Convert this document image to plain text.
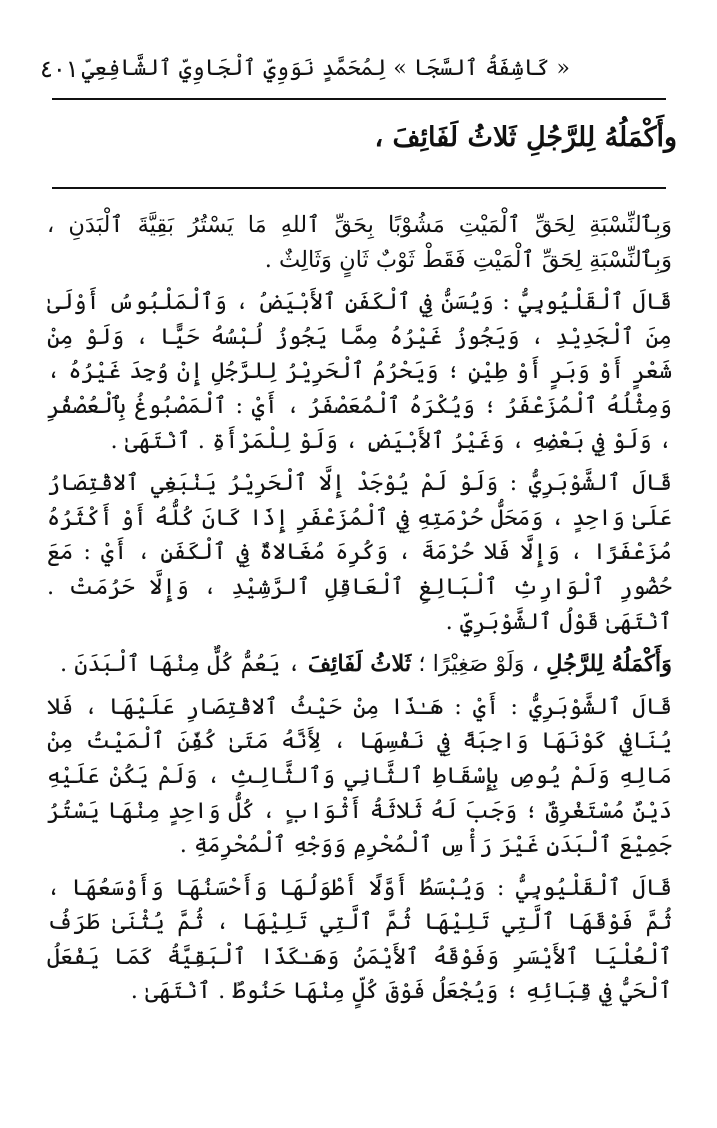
« كَاشِفَةُ ٱلسَّجَا » لِمُحَمَّدٍ نَوَوِيِّ ٱلْجَاوِيِّ ٱلشَّافِعِيِّ
٤٠١
وأَكْمَلُهُ لِلرَّجُلِ ثَلاثُ لَفَائِفَ ،

وَبِٱلنِّسْبَةِ لِحَقِّ ٱلْمَيْتِ مَشُوْبًا بِحَقِّ ٱللهِ مَا يَسْتُرُ بَقِيَّةَ ٱلْبَدَنِ ، وَبِٱلنِّسْبَةِ لِحَقِّ ٱلْمَيْتِ فَقَطْ ثَوْبٌ ثَانٍ وَثَالِثٌ .

قَالَ ٱلْقَلْيُوبِيُّ : وَيُسَنُّ فِي ٱلْكَفَنِ ٱلأَبْيَضُ ، وَٱلْمَلْبُوسُ أَوْلَىٰ مِنَ ٱلْجَدِيْدِ ، وَيَجُوزُ غَيْرُهُ مِمَّا يَجُوزُ لُبْسُهُ حَيًّا ، وَلَوْ مِنْ شَعْرٍ أَوْ وَبَرٍ أَوْ طِيْنٍ ؛ وَيَحْرُمُ ٱلْحَرِيْرُ لِلرَّجُلِ إِنْ وُجِدَ غَيْرُهُ ، وَمِثْلُهُ ٱلْمُزَعْفَرُ ؛ وَيُكْرَهُ ٱلْمُعَصْفَرُ ، أَيْ : ٱلْمَصْبُوغُ بِٱلْعُصْفُرِ ، وَلَوْ فِي بَعْضِهِ ، وَغَيْرُ ٱلأَبْيَضِ ، وَلَوْ لِلْمَرْأَةِ . ٱنْتَهَىٰ .

قَالَ ٱلشَّوْبَرِيُّ : وَلَوْ لَمْ يُوْجَدْ إِلَّا ٱلْحَرِيْرُ يَنْبَغِي ٱلاقْتِصَارُ عَلَىٰ وَاحِدٍ ، وَمَحَلُّ حُرْمَتِهِ فِي ٱلْمُزَعْفَرِ إِذَا كَانَ كُلُّهُ أَوْ أَكْثَرُهُ مُزَعْفَرًا ، وَإِلَّا فَلا حُرْمَةَ ، وَكُرِهَ مُغَالاةٌ فِي ٱلْكَفَنِ ، أَيْ : مَعَ حُضُورِ ٱلْوَارِثِ ٱلْبَالِغِ ٱلْعَاقِلِ ٱلرَّشِيْدِ ، وَإِلَّا حَرُمَتْ . ٱنْتَهَىٰ قَوْلُ ٱلشَّوْبَرِيِّ .

وَأَكْمَلُهُ لِلرَّجُلِ ، وَلَوْ صَغِيْرًا ؛ ثَلاثُ لَفَائِفَ ، يَعُمُّ كُلٌّ مِنْهَا ٱلْبَدَنَ .

قَالَ ٱلشَّوْبَرِيُّ : أَيْ : هَـٰذَا مِنْ حَيْثُ ٱلاقْتِصَارِ عَلَيْهَا ، فَلا يُنَافِي كَوْنَهَا وَاجِبَةً فِي نَفْسِهَا ، لِأَنَّهُ مَتَىٰ كُفِّنَ ٱلْمَيْتُ مِنْ مَالِهِ وَلَمْ يُوصِ بِإِسْقَاطِ ٱلثَّانِي وَٱلثَّالِثِ ، وَلَمْ يَكُنْ عَلَيْهِ دَيْنٌ مُسْتَغْرِقٌ ؛ وَجَبَ لَهُ ثَلاثَةُ أَثْوَابٍ ، كُلُّ وَاحِدٍ مِنْهَا يَسْتُرُ جَمِيْعَ ٱلْبَدَنِ غَيْرَ رَأْسِ ٱلْمُحْرِمِ وَوَجْهِ ٱلْمُحْرِمَةِ .

قَالَ ٱلْقَلْيُوبِيُّ : وَيُبْسَطُ أَوَّلًا أَطْوَلُهَا وَأَحْسَنُهَا وَأَوْسَعُهَا ، ثُمَّ فَوْقَهَا ٱلَّتِي تَلِيْهَا ثُمَّ ٱلَّتِي تَلِيْهَا ، ثُمَّ يُثْنَىٰ طَرَفُ ٱلْعُلْيَا ٱلأَيْسَرِ وَفَوْقَهُ ٱلأَيْمَنُ وَهَـٰكَذَا ٱلْبَقِيَّةُ كَمَا يَفْعَلُ ٱلْحَيُّ فِي قِبَائِهِ ؛ وَيُجْعَلُ فَوْقَ كُلٍّ مِنْهَا حَنُوطٌ . ٱنْتَهَىٰ .
